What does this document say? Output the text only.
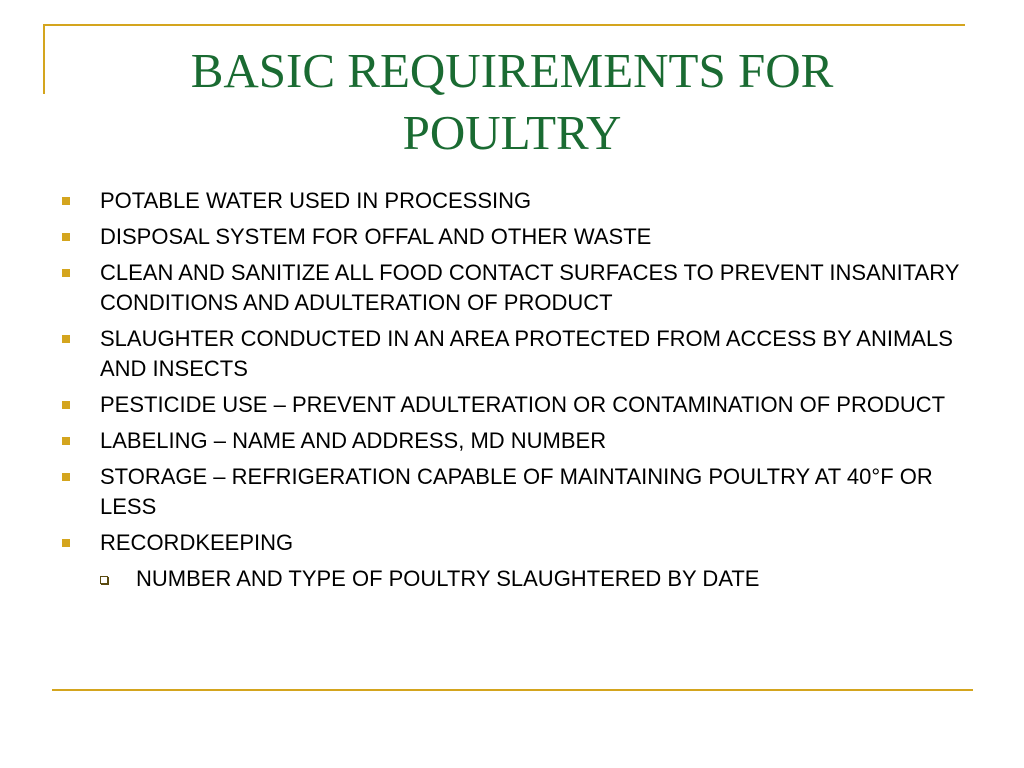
BASIC REQUIREMENTS FOR
POULTRY
POTABLE WATER USED IN PROCESSING
DISPOSAL SYSTEM FOR OFFAL AND OTHER WASTE
CLEAN AND SANITIZE ALL FOOD CONTACT SURFACES TO PREVENT INSANITARY CONDITIONS AND ADULTERATION OF PRODUCT
SLAUGHTER CONDUCTED IN AN AREA PROTECTED FROM ACCESS BY ANIMALS AND INSECTS
PESTICIDE USE – PREVENT ADULTERATION OR CONTAMINATION OF PRODUCT
LABELING – NAME AND ADDRESS, MD NUMBER
STORAGE – REFRIGERATION CAPABLE OF MAINTAINING POULTRY AT 40°F OR LESS
RECORDKEEPING
NUMBER AND TYPE OF POULTRY SLAUGHTERED BY DATE
